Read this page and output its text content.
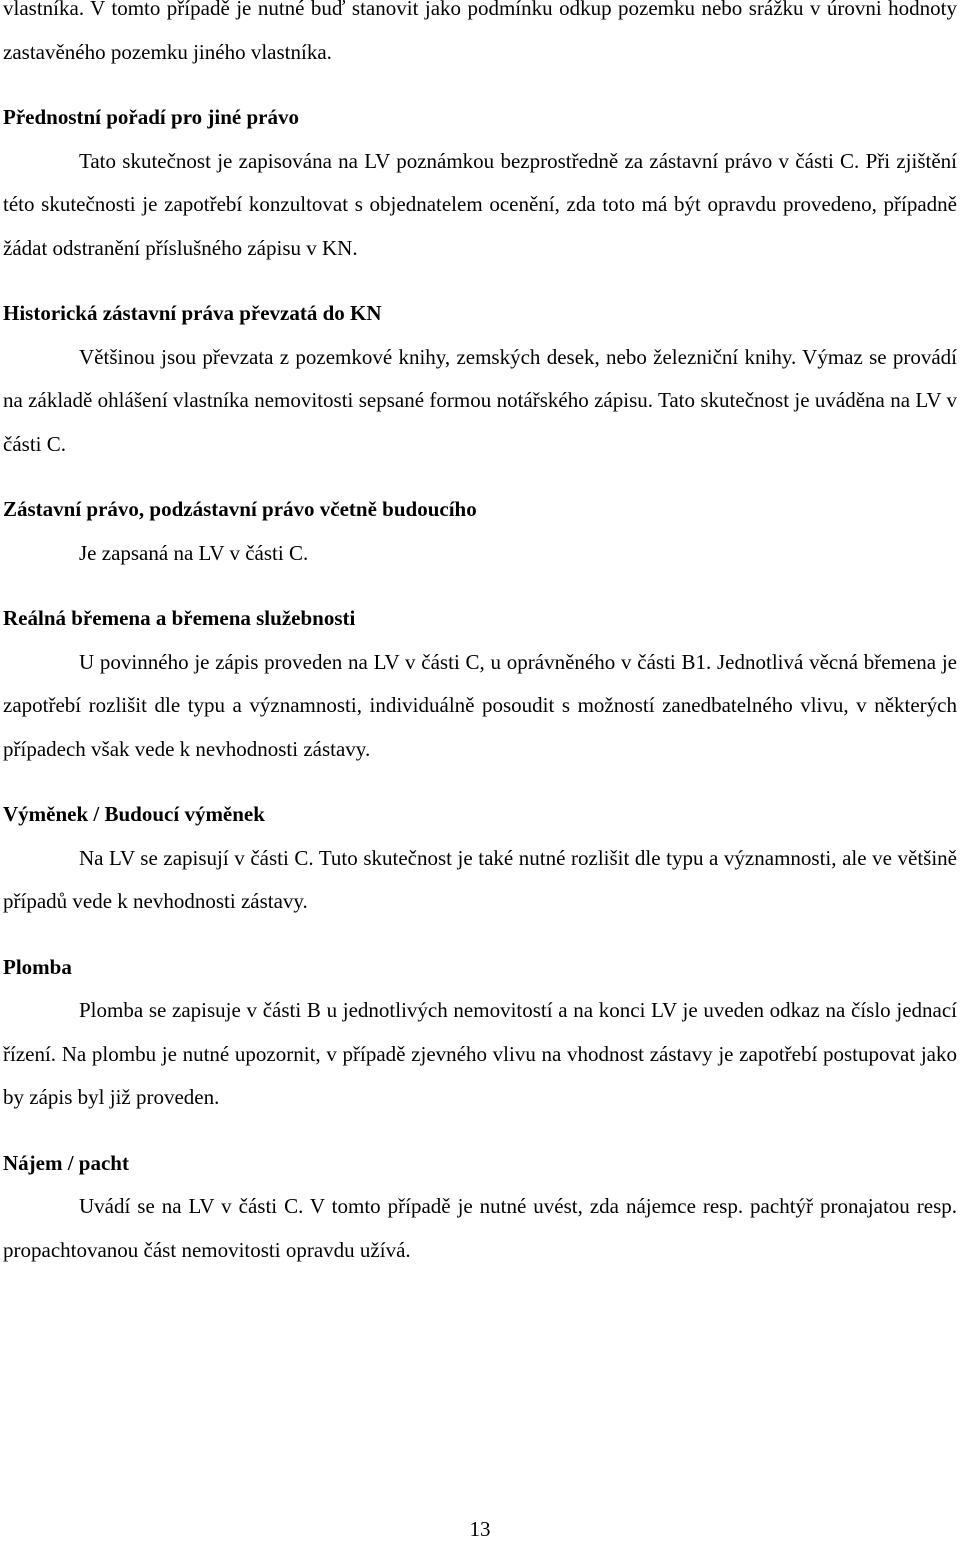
vlastníka. V tomto případě je nutné buď stanovit jako podmínku odkup pozemku nebo srážku v úrovni hodnoty zastavěného pozemku jiného vlastníka.

Přednostní pořadí pro jiné právo

Tato skutečnost je zapisována na LV poznámkou bezprostředně za zástavní právo v části C. Při zjištění této skutečnosti je zapotřebí konzultovat s objednatelem ocenění, zda toto má být opravdu provedeno, případně žádat odstranění příslušného zápisu v KN.

Historická zástavní práva převzatá do KN

Většinou jsou převzata z pozemkové knihy, zemských desek, nebo železniční knihy. Výmaz se provádí na základě ohlášení vlastníka nemovitosti sepsané formou notářského zápisu. Tato skutečnost je uváděna na LV v části C.

Zástavní právo, podzástavní právo včetně budoucího

Je zapsaná na LV v části C.

Reálná břemena a břemena služebnosti

U povinného je zápis proveden na LV v části C, u oprávněného v části B1. Jednotlivá věcná břemena je zapotřebí rozlišit dle typu a významnosti, individuálně posoudit s možností zanedbatelného vlivu, v některých případech však vede k nevhodnosti zástavy.

Výměnek / Budoucí výměnek

Na LV se zapisují v části C. Tuto skutečnost je také nutné rozlišit dle typu a významnosti, ale ve většině případů vede k nevhodnosti zástavy.

Plomba

Plomba se zapisuje v části B u jednotlivých nemovitostí a na konci LV je uveden odkaz na číslo jednací řízení. Na plombu je nutné upozornit, v případě zjevného vlivu na vhodnost zástavy je zapotřebí postupovat jako by zápis byl již proveden.

Nájem / pacht

Uvádí se na LV v části C. V tomto případě je nutné uvést, zda nájemce resp. pachtýř pronajatou resp. propachtovanou část nemovitosti opravdu užívá.

13
